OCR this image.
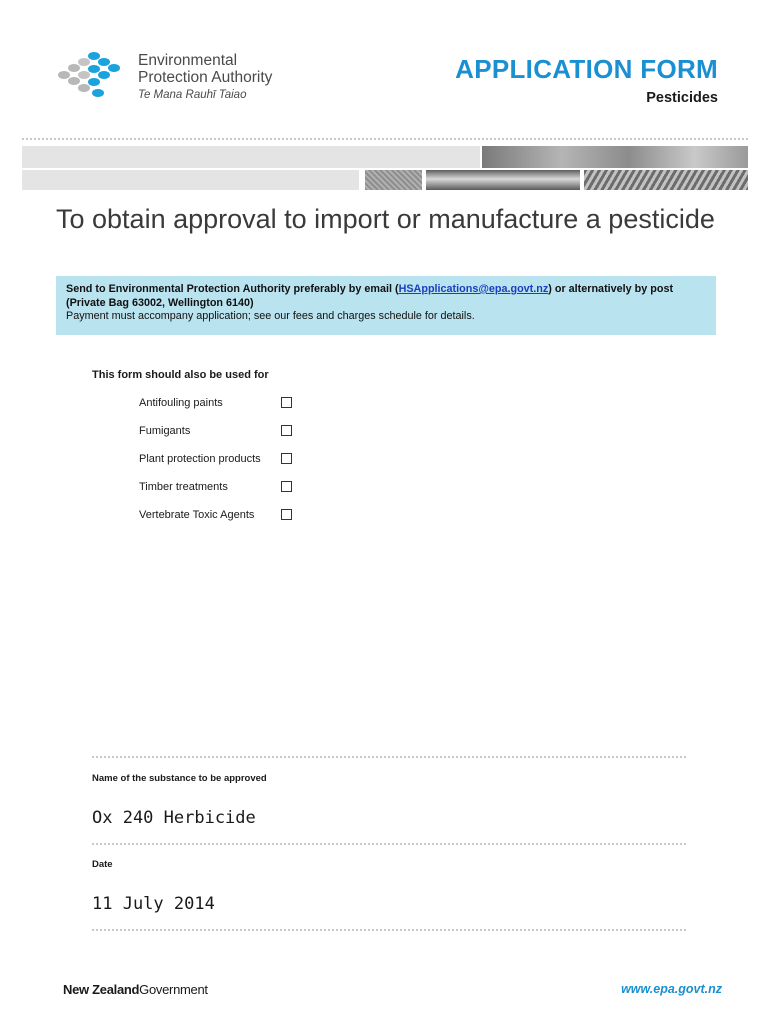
Environmental
Protection Authority
Te Mana Rauhī Taiao
APPLICATION FORM
Pesticides
To obtain approval to import or manufacture a pesticide
Send to Environmental Protection Authority preferably by email (HSApplications@epa.govt.nz) or alternatively by post
(Private Bag 63002, Wellington 6140)
Payment must accompany application; see our fees and charges schedule for details.
This form should also be used for
Antifouling paints
Fumigants
Plant protection products
Timber treatments
Vertebrate Toxic Agents
Name of the substance to be approved
Ox 240 Herbicide
Date
11 July 2014
New ZealandGovernment	www.epa.govt.nz
